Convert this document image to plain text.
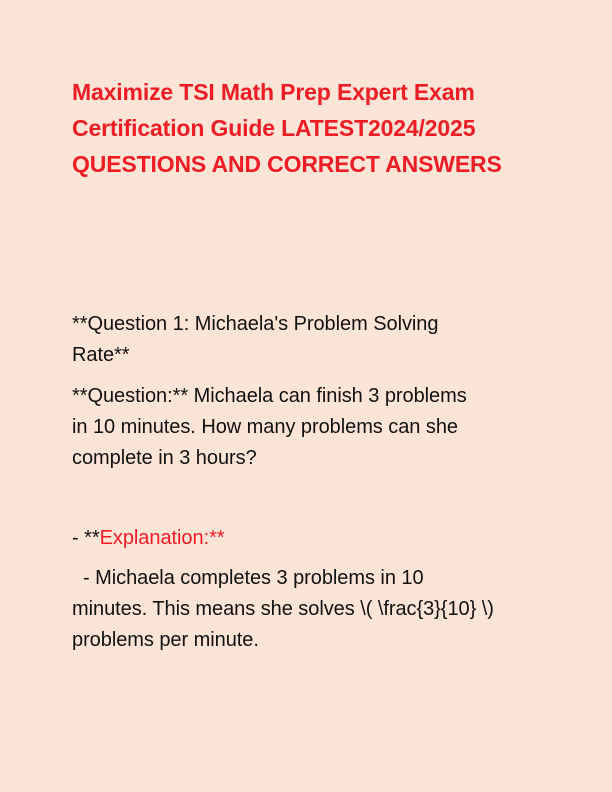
Maximize TSI Math Prep Expert Exam
Certification Guide LATEST2024/2025
QUESTIONS AND CORRECT ANSWERS
**Question 1: Michaela's Problem Solving
Rate**
**Question:** Michaela can finish 3 problems
in 10 minutes. How many problems can she
complete in 3 hours?
- **Explanation:**
- Michaela completes 3 problems in 10
minutes. This means she solves \( \frac{3}{10} \)
problems per minute.
